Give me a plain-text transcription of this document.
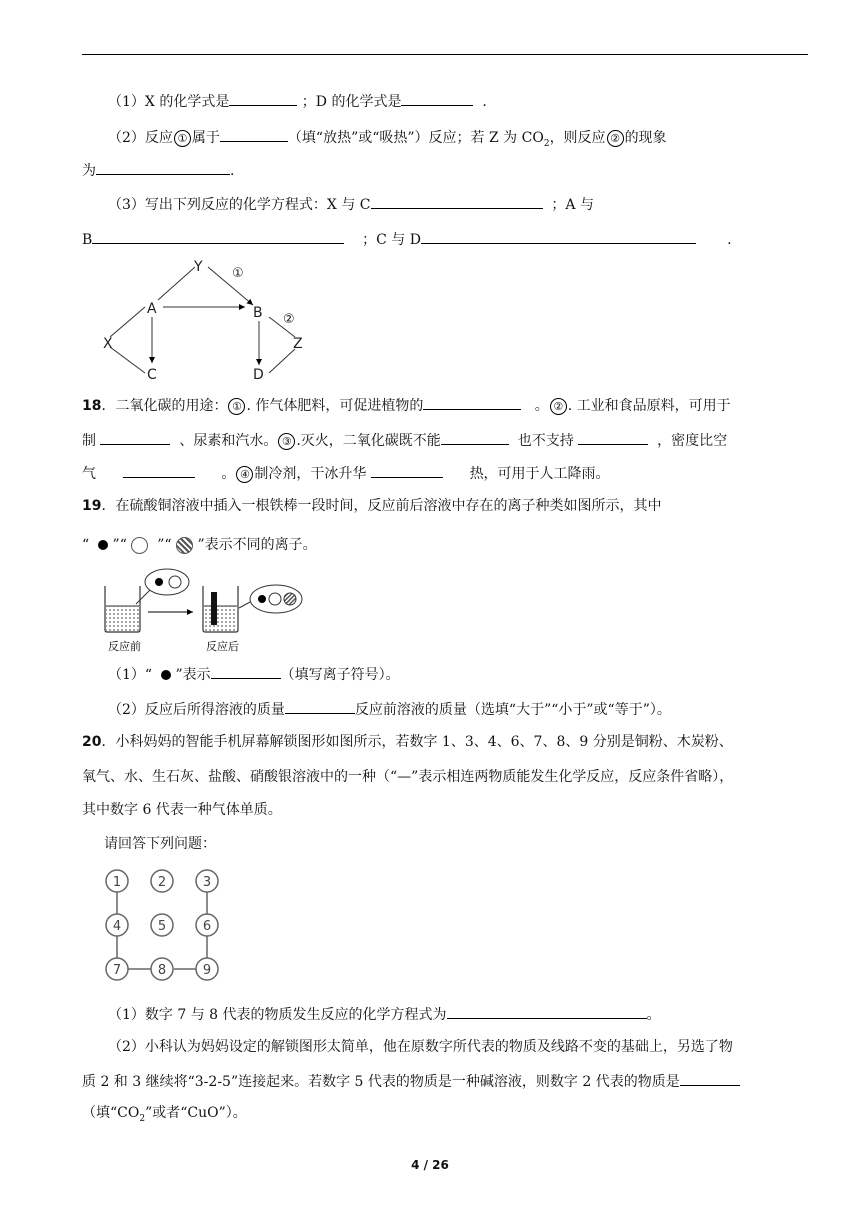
（1）X 的化学式是	；D 的化学式是	.
（2）反应 ① 属于	（填“放热”或“吸热”）反应；若 Z 为 $CO_2$，则反应 ② 的现象
为	.
（3）写出下列反应的化学方程式：X 与 C	；A 与
B	；C 与 D	.
Y ①
A	B ②
X	Z
C	D
18．二氧化碳的用途： ① . 作气体肥料，可促进植物的	。 ② . 工业和食品原料，可用于
制	、尿素和汽水。 ③ .灭火，二氧化碳既不能	也不支持	，密度比空
气	。 ④ 制冷剂，干冰升华	热，可用于人工降雨。
19．在硫酸铜溶液中插入一根铁棒一段时间，反应前后溶液中存在的离子种类如图所示，其中
“ ”“ ”“ ”表示不同的离子。
反应前	反应后
（1）“ ”表示	（填写离子符号）。
（2）反应后所得溶液的质量	反应前溶液的质量（选填“大于”“小于”或“等于”）。
20．小科妈妈的智能手机屏幕解锁图形如图所示，若数字 1、3、4、6、7、8、9 分别是铜粉、木炭粉、
氧气、水、生石灰、盐酸、硝酸银溶液中的一种（“—”表示相连两物质能发生化学反应，反应条件省略），
其中数字 6 代表一种气体单质。
请回答下列问题：
1	2	3
4	5	6
7	8	9
（1）数字 7 与 8 代表的物质发生反应的化学方程式为	。
（2）小科认为妈妈设定的解锁图形太简单，他在原数字所代表的物质及线路不变的基础上，另选了物
质 2 和 3 继续将“3-2-5”连接起来。若数字 5 代表的物质是一种碱溶液，则数字 2 代表的物质是
（填“$CO_2$”或者“CuO”）。
4 / 26
